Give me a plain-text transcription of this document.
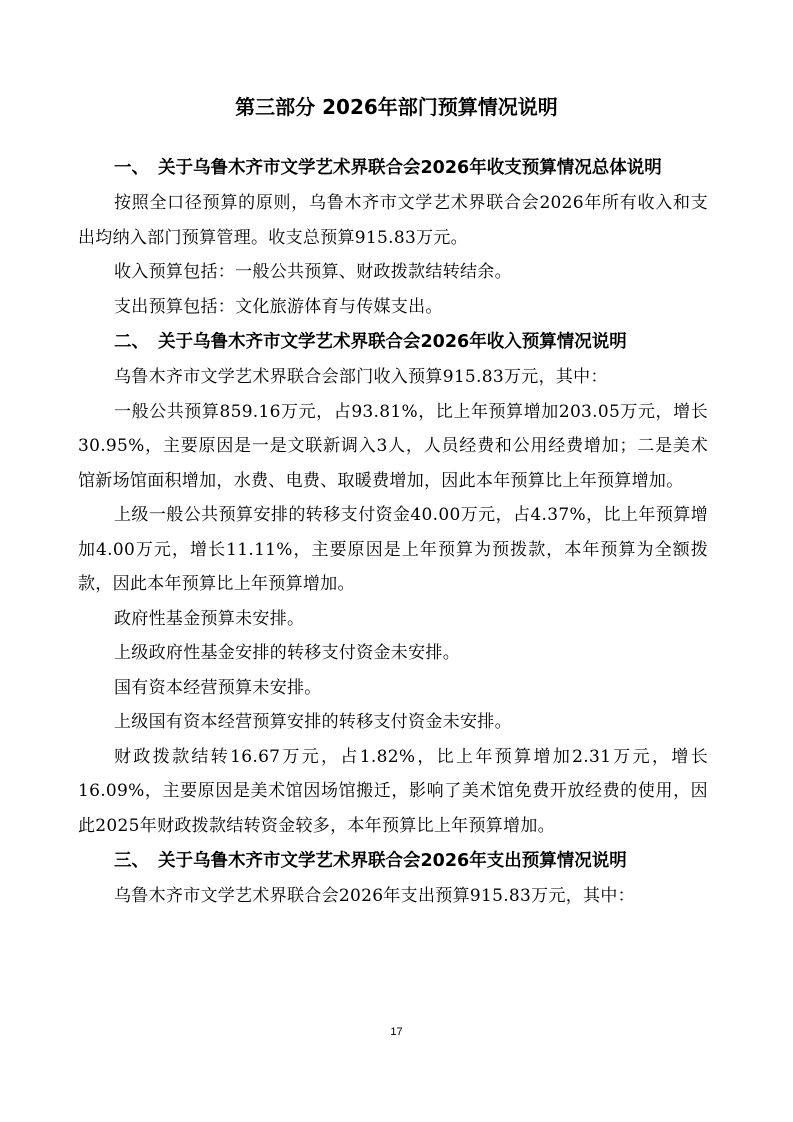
第三部分 2026年部门预算情况说明
一、 关于乌鲁木齐市文学艺术界联合会2026年收支预算情况总体说明

按照全口径预算的原则，乌鲁木齐市文学艺术界联合会2026年所有收入和支出均纳入部门预算管理。收支总预算915.83万元。

收入预算包括：一般公共预算、财政拨款结转结余。

支出预算包括：文化旅游体育与传媒支出。

二、 关于乌鲁木齐市文学艺术界联合会2026年收入预算情况说明

乌鲁木齐市文学艺术界联合会部门收入预算915.83万元，其中：

一般公共预算859.16万元，占93.81%，比上年预算增加203.05万元，增长30.95%，主要原因是一是文联新调入3人，人员经费和公用经费增加；二是美术馆新场馆面积增加，水费、电费、取暖费增加，因此本年预算比上年预算增加。

上级一般公共预算安排的转移支付资金40.00万元，占4.37%，比上年预算增加4.00万元，增长11.11%，主要原因是上年预算为预拨款，本年预算为全额拨款，因此本年预算比上年预算增加。

政府性基金预算未安排。

上级政府性基金安排的转移支付资金未安排。

国有资本经营预算未安排。

上级国有资本经营预算安排的转移支付资金未安排。

财政拨款结转16.67万元，占1.82%，比上年预算增加2.31万元，增长16.09%，主要原因是美术馆因场馆搬迁，影响了美术馆免费开放经费的使用，因此2025年财政拨款结转资金较多，本年预算比上年预算增加。

三、 关于乌鲁木齐市文学艺术界联合会2026年支出预算情况说明

乌鲁木齐市文学艺术界联合会2026年支出预算915.83万元，其中：

17
